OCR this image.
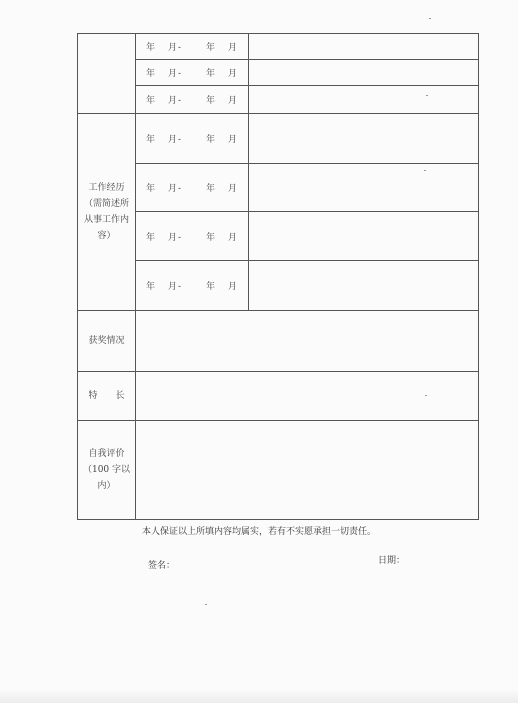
	年 月- 年 月	
	年 月- 年 月	
	年 月- 年 月	

工作经历
（需简述所
从事工作内
容）	年 月- 年 月	
	年 月- 年 月	
	年 月- 年 月	
	年 月- 年 月	
获奖情况		
特 长		

自我评价
（100 字以
内）		

本人保证以上所填内容均属实，若有不实愿承担一切责任。
签名：	日期：
